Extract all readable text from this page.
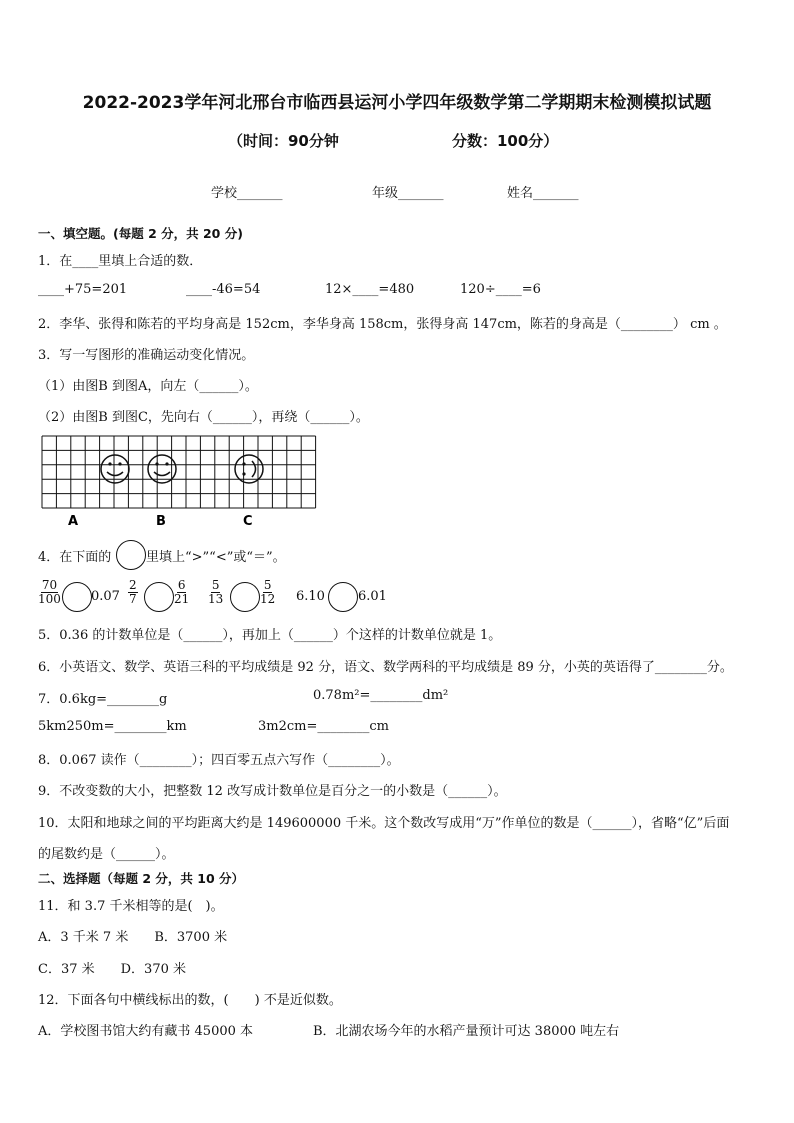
2022-2023学年河北邢台市临西县运河小学四年级数学第二学期期末检测模拟试题
（时间：90分钟	分数：100分）
学校_______	年级_______	姓名_______
一、填空题。(每题 2 分，共 20 分)
1．在____里填上合适的数．
____+75=201	____-46=54	12×____=480	120÷____=6
2．李华、张得和陈若的平均身高是 152cm，李华身高 158cm，张得身高 147cm，陈若的身高是（________） cm 。
3．写一写图形的准确运动变化情况。
（1）由图B 到图A，向左（______）。
（2）由图B 到图C，先向右（______），再绕（______）。
A	B	C
4．在下面的	里填上“>”“<”或“＝”。
$\frac{70}{100} 0.07 \frac{2}{7}$	$\frac{6}{21} \frac{5}{13}$	$\frac{5}{12} 6.10$	6.01
5．0.36 的计数单位是（______），再加上（______）个这样的计数单位就是 1。
6．小英语文、数学、英语三科的平均成绩是 92 分，语文、数学两科的平均成绩是 89 分，小英的英语得了________分。
7．0.6kg=________g	0.78m²=________dm²
5km250m=________km	3m2cm=________cm
8．0.067 读作（________）；四百零五点六写作（________）。
9．不改变数的大小，把整数 12 改写成计数单位是百分之一的小数是（______）。
10．太阳和地球之间的平均距离大约是 149600000 千米。这个数改写成用“万”作单位的数是（______），省略“亿”后面
的尾数约是（______）。
二、选择题（每题 2 分，共 10 分）
11．和 3.7 千米相等的是(　)。
A．3 千米 7 米　　B．3700 米
C．37 米　　D．370 米
12．下面各句中横线标出的数，(　　) 不是近似数。
A．学校图书馆大约有藏书 45000 本	B．北湖农场今年的水稻产量预计可达 38000 吨左右
